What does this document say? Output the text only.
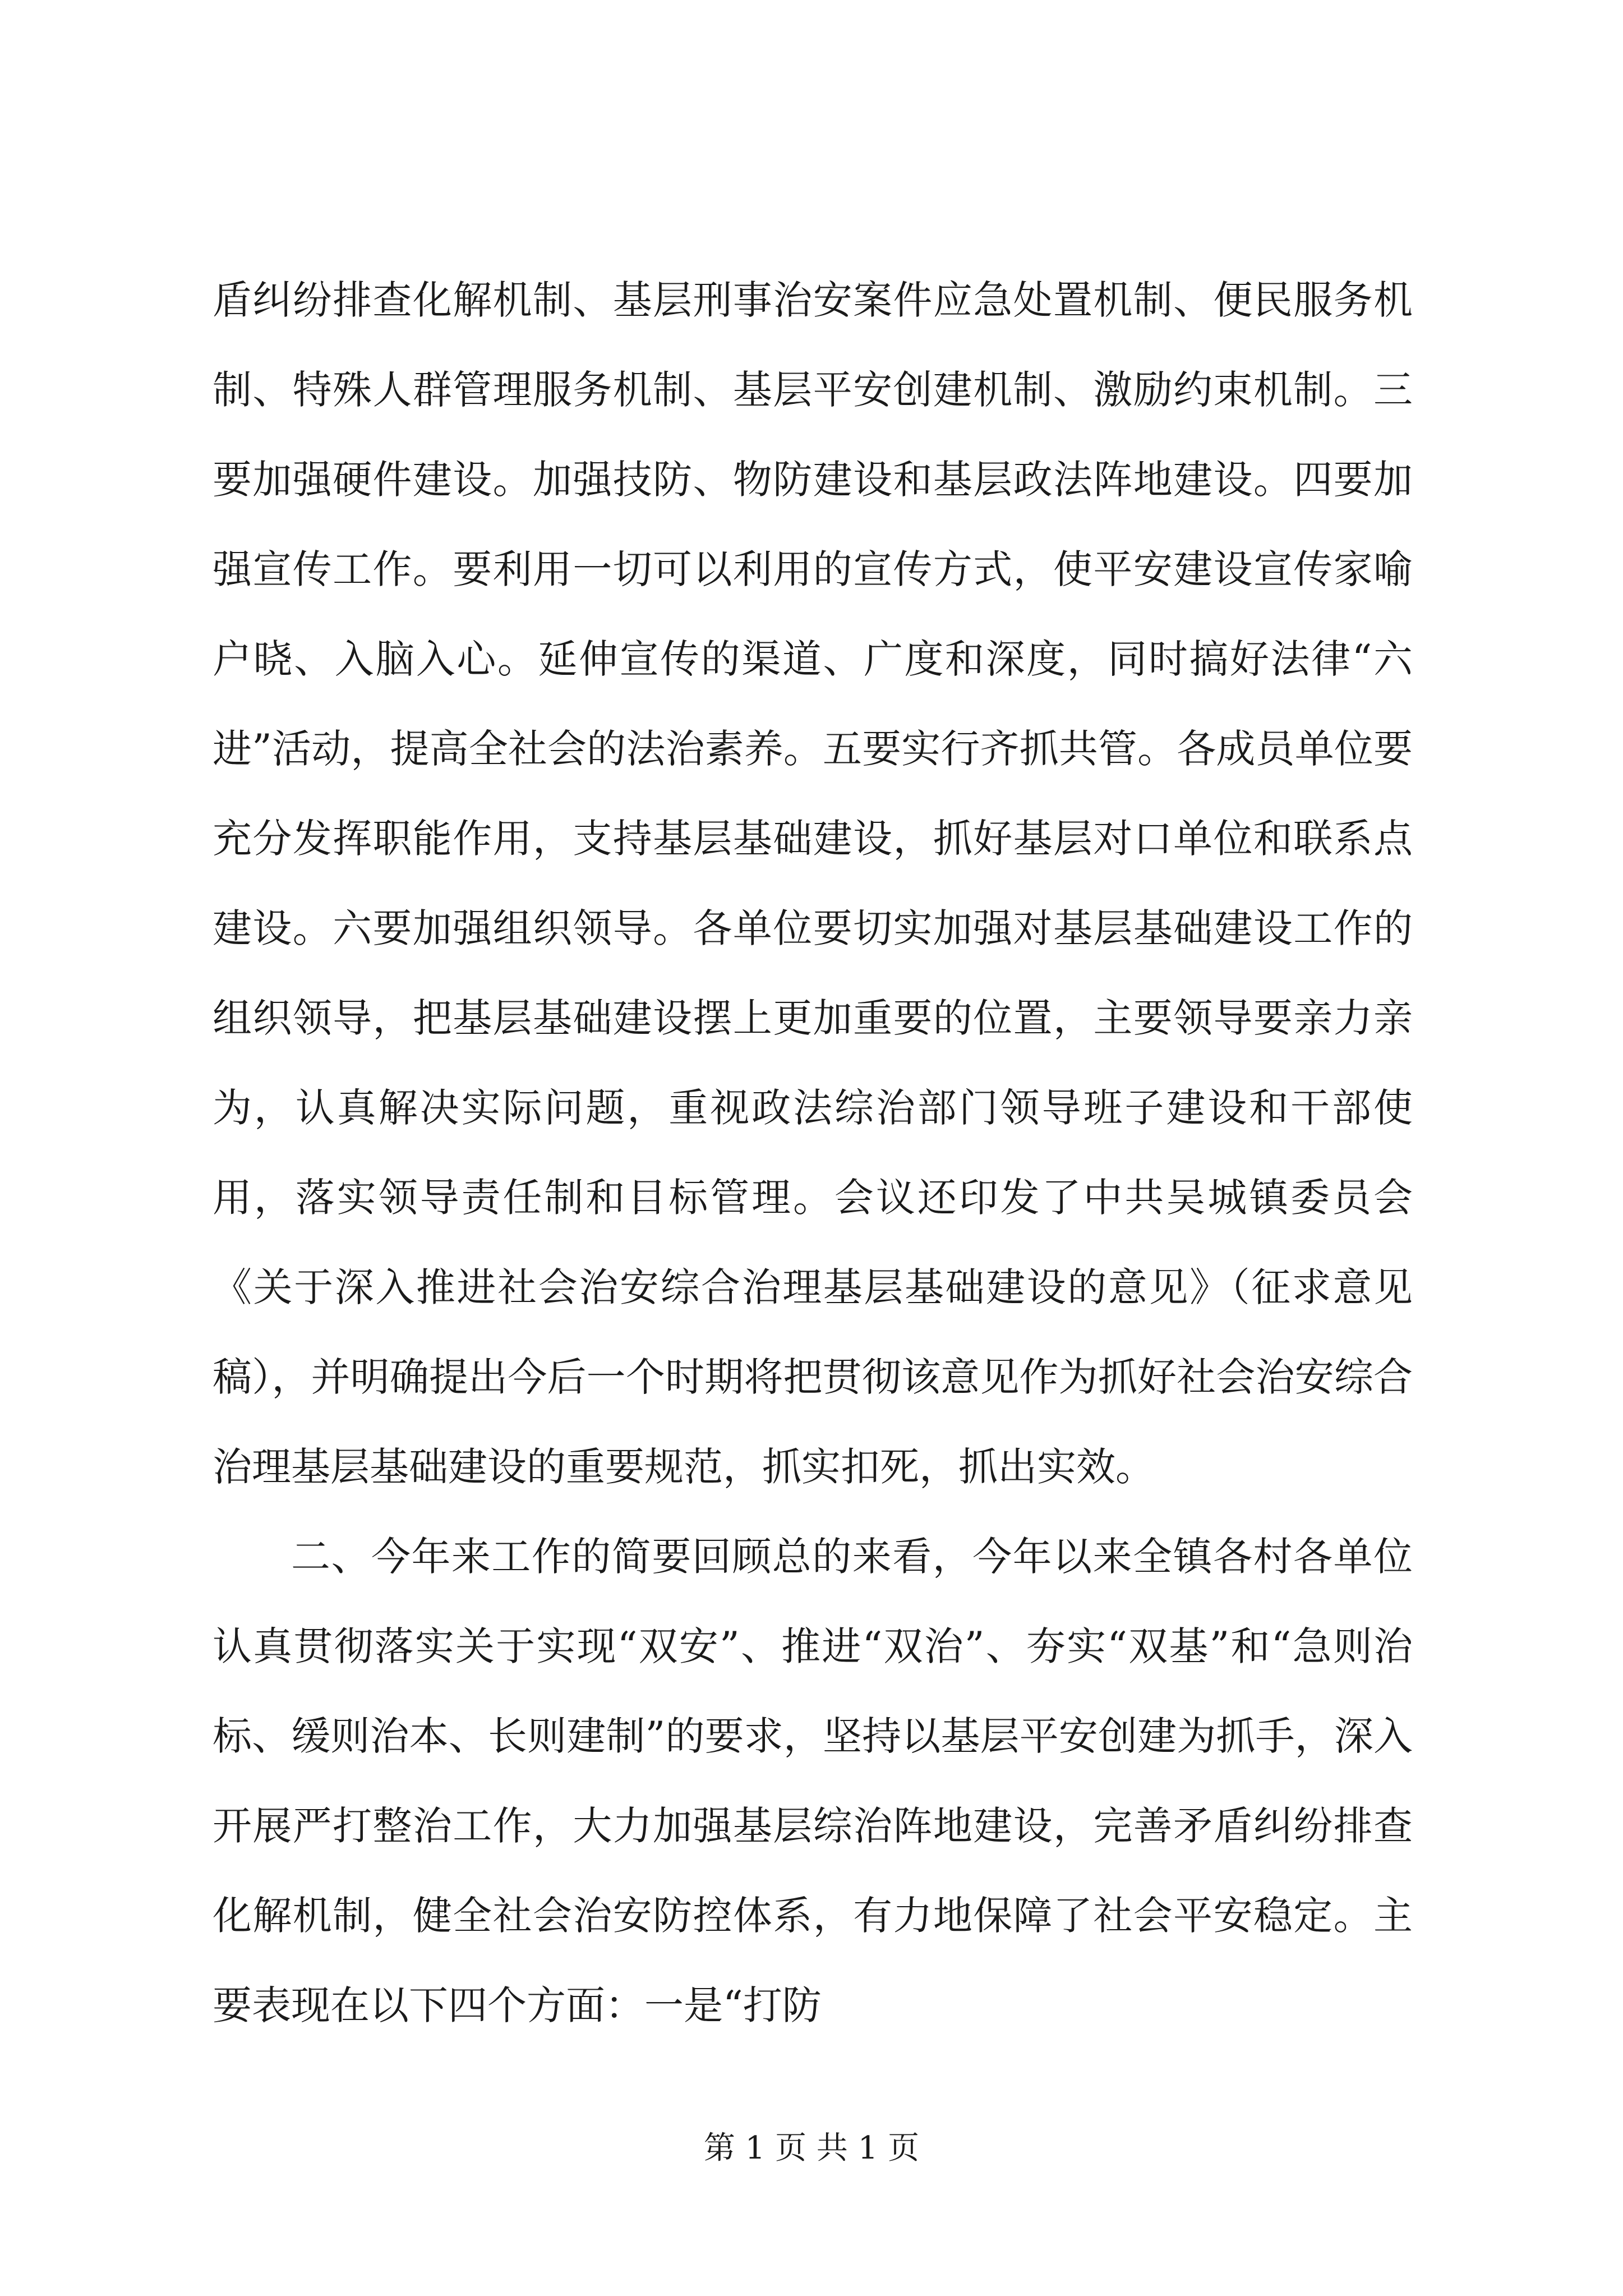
盾纠纷排查化解机制、基层刑事治安案件应急处置机制、便民服务机制、特殊人群管理服务机制、基层平安创建机制、激励约束机制。三要加强硬件建设。加强技防、物防建设和基层政法阵地建设。四要加强宣传工作。要利用一切可以利用的宣传方式，使平安建设宣传家喻户晓、入脑入心。延伸宣传的渠道、广度和深度，同时搞好法律“六进”活动，提高全社会的法治素养。五要实行齐抓共管。各成员单位要充分发挥职能作用，支持基层基础建设，抓好基层对口单位和联系点建设。六要加强组织领导。各单位要切实加强对基层基础建设工作的组织领导，把基层基础建设摆上更加重要的位置，主要领导要亲力亲为，认真解决实际问题，重视政法综治部门领导班子建设和干部使用，落实领导责任制和目标管理。会议还印发了中共吴城镇委员会《关于深入推进社会治安综合治理基层基础建设的意见》（征求意见稿），并明确提出今后一个时期将把贯彻该意见作为抓好社会治安综合治理基层基础建设的重要规范，抓实扣死，抓出实效。

二、今年来工作的简要回顾总的来看，今年以来全镇各村各单位认真贯彻落实关于实现“双安”、推进“双治”、夯实“双基”和“急则治标、缓则治本、长则建制”的要求，坚持以基层平安创建为抓手，深入开展严打整治工作，大力加强基层综治阵地建设，完善矛盾纠纷排查化解机制，健全社会治安防控体系，有力地保障了社会平安稳定。主要表现在以下四个方面：一是“打防

第 1 页 共 1 页
